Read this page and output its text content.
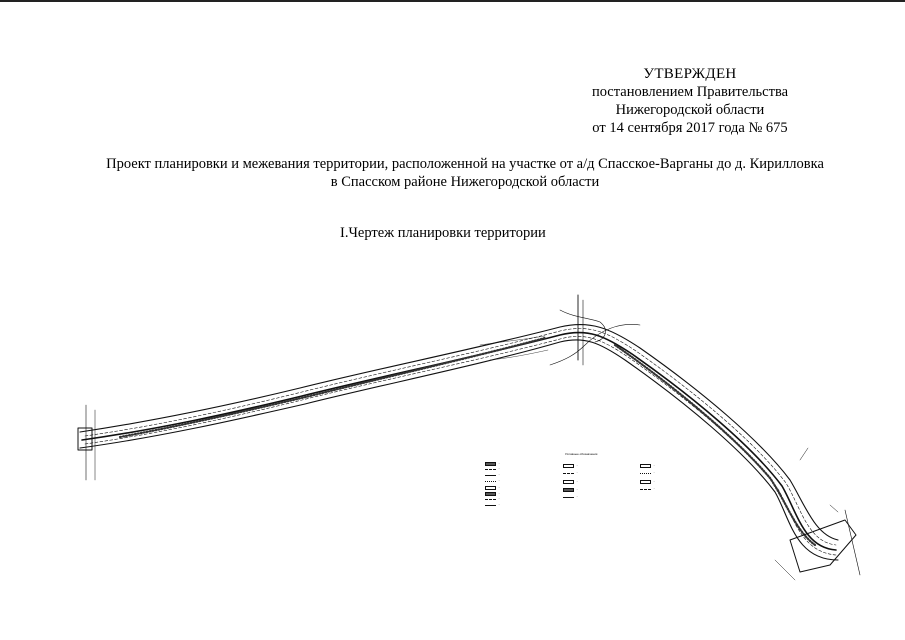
УТВЕРЖДЕН
постановлением Правительства
Нижегородской области
от 14 сентября 2017 года № 675
Проект планировки и межевания территории, расположенной на участке от а/д Спасское-Варганы до д. Кирилловка
в Спасском районе Нижегородской области
I.Чертеж планировки территории
Условные обозначения
…
…
…
…
…
…
…
…
…
…
…
…
…
…
…
…
…
